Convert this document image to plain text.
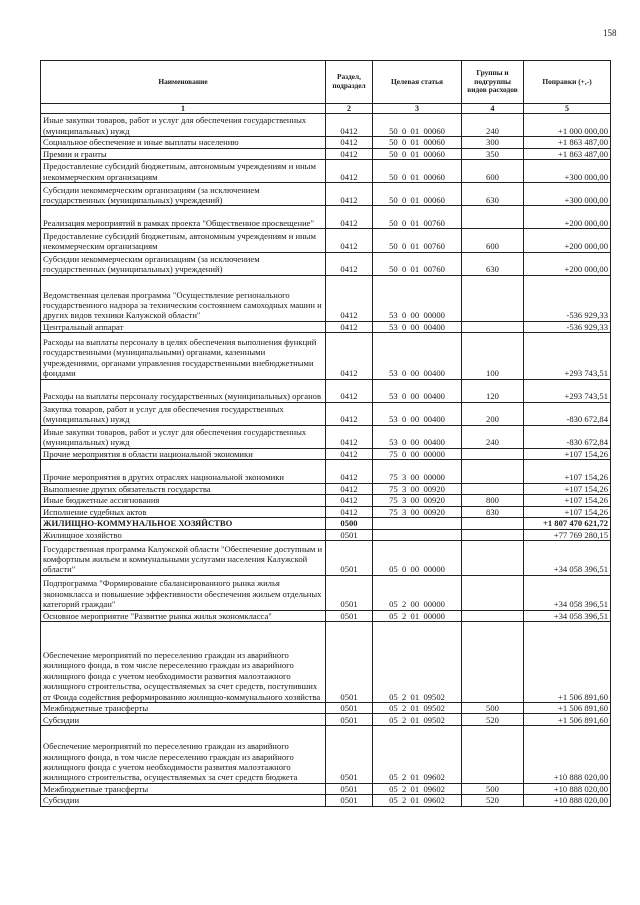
158
Наименование	Раздел, подраздел	Целевая статья	Группы и подгруппы видов расходов	Поправки (+,-)
1	2	3	4	5
Иные закупки товаров, работ и услуг для обеспечения государственных (муниципальных) нужд	0412	50  0  01  00060	240	+1 000 000,00
Социальное обеспечение и иные выплаты населению	0412	50  0  01  00060	300	+1 863 487,00
Премии и гранты	0412	50  0  01  00060	350	+1 863 487,00
Предоставление субсидий бюджетным, автономным учреждениям и иным некоммерческим организациям	0412	50  0  01  00060	600	+300 000,00
Субсидии некоммерческим организациям (за исключением государственных (муниципальных) учреждений)	0412	50  0  01  00060	630	+300 000,00
Реализация мероприятий в рамках проекта "Общественное просвещение"	0412	50  0  01  00760		+200 000,00
Предоставление субсидий бюджетным, автономным учреждениям и иным некоммерческим организациям	0412	50  0  01  00760	600	+200 000,00
Субсидии некоммерческим организациям (за исключением государственных (муниципальных) учреждений)	0412	50  0  01  00760	630	+200 000,00
Ведомственная целевая программа "Осуществление регионального государственного надзора за техническим состоянием самоходных машин и других видов техники Калужской области"	0412	53  0  00  00000		-536 929,33
Центральный аппарат	0412	53  0  00  00400		-536 929,33
Расходы на выплаты персоналу в целях обеспечения выполнения функций государственными (муниципальными) органами, казенными учреждениями, органами управления государственными внебюджетными фондами	0412	53  0  00  00400	100	+293 743,51
Расходы на выплаты персоналу государственных (муниципальных) органов	0412	53  0  00  00400	120	+293 743,51
Закупка товаров, работ и услуг для обеспечения государственных (муниципальных) нужд	0412	53  0  00  00400	200	-830 672,84
Иные закупки товаров, работ и услуг для обеспечения государственных (муниципальных) нужд	0412	53  0  00  00400	240	-830 672,84
Прочие мероприятия в области национальной экономики	0412	75  0  00  00000		+107 154,26
Прочие мероприятия в других отраслях национальной экономики	0412	75  3  00  00000		+107 154,26
Выполнение других обязательств государства	0412	75  3  00  00920		+107 154,26
Иные бюджетные ассигнования	0412	75  3  00  00920	800	+107 154,26
Исполнение судебных актов	0412	75  3  00  00920	830	+107 154,26
ЖИЛИЩНО-КОММУНАЛЬНОЕ ХОЗЯЙСТВО	0500			+1 807 470 621,72
Жилищное хозяйство	0501			+77 769 280,15
Государственная программа Калужской области "Обеспечение доступным и комфортным жильем и коммунальными услугами населения Калужской области"	0501	05  0  00  00000		+34 058 396,51
Подпрограмма "Формирование сбалансированного рынка жилья экономкласса и повышение эффективности обеспечения жильем отдельных категорий граждан"	0501	05  2  00  00000		+34 058 396,51
Основное мероприятие "Развитие рынка жилья экономкласса"	0501	05  2  01  00000		+34 058 396,51
Обеспечение мероприятий по переселению граждан из аварийного жилищного фонда, в том числе переселению граждан из аварийного жилищного фонда с учетом необходимости развития малоэтажного жилищного строительства, осуществляемых за счет средств, поступивших от Фонда содействия реформированию жилищно-коммунального хозяйства	0501	05  2  01  09502		+1 506 891,60
Межбюджетные трансферты	0501	05  2  01  09502	500	+1 506 891,60
Субсидии	0501	05  2  01  09502	520	+1 506 891,60
Обеспечение мероприятий по переселению граждан из аварийного жилищного фонда, в том числе переселению граждан из аварийного жилищного фонда с учетом необходимости развития малоэтажного жилищного строительства, осуществляемых за счет средств бюджета	0501	05  2  01  09602		+10 888 020,00
Межбюджетные трансферты	0501	05  2  01  09602	500	+10 888 020,00
Субсидии	0501	05  2  01  09602	520	+10 888 020,00
